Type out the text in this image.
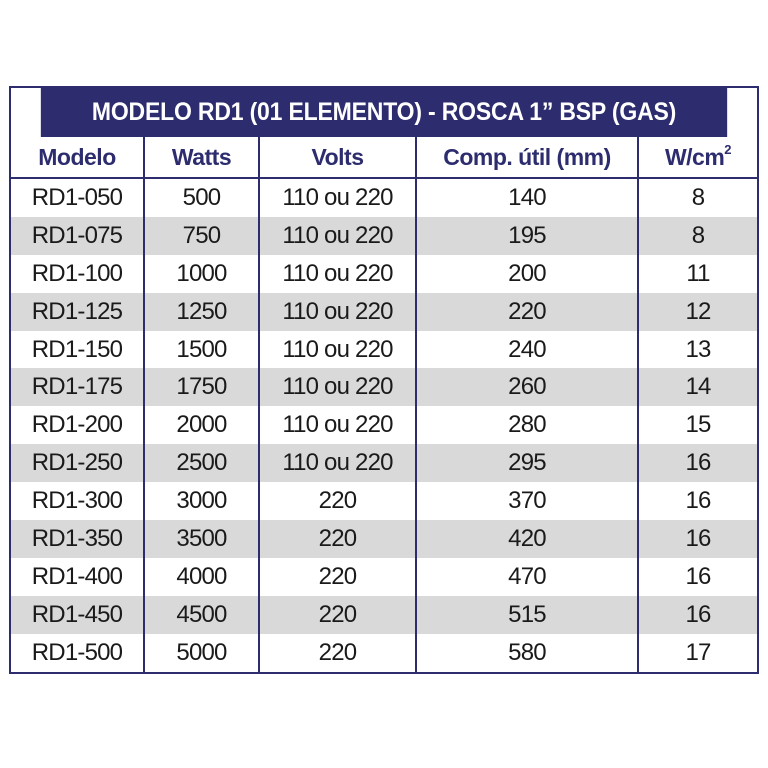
MODELO RD1 (01 ELEMENTO) - ROSCA 1” BSP (GAS)
Modelo	Watts	Volts	Comp. útil (mm)	$W/cm^2$
RD1-050	500	110 ou 220	140	8
RD1-075	750	110 ou 220	195	8
RD1-100	1000	110 ou 220	200	11
RD1-125	1250	110 ou 220	220	12
RD1-150	1500	110 ou 220	240	13
RD1-175	1750	110 ou 220	260	14
RD1-200	2000	110 ou 220	280	15
RD1-250	2500	110 ou 220	295	16
RD1-300	3000	220	370	16
RD1-350	3500	220	420	16
RD1-400	4000	220	470	16
RD1-450	4500	220	515	16
RD1-500	5000	220	580	17
